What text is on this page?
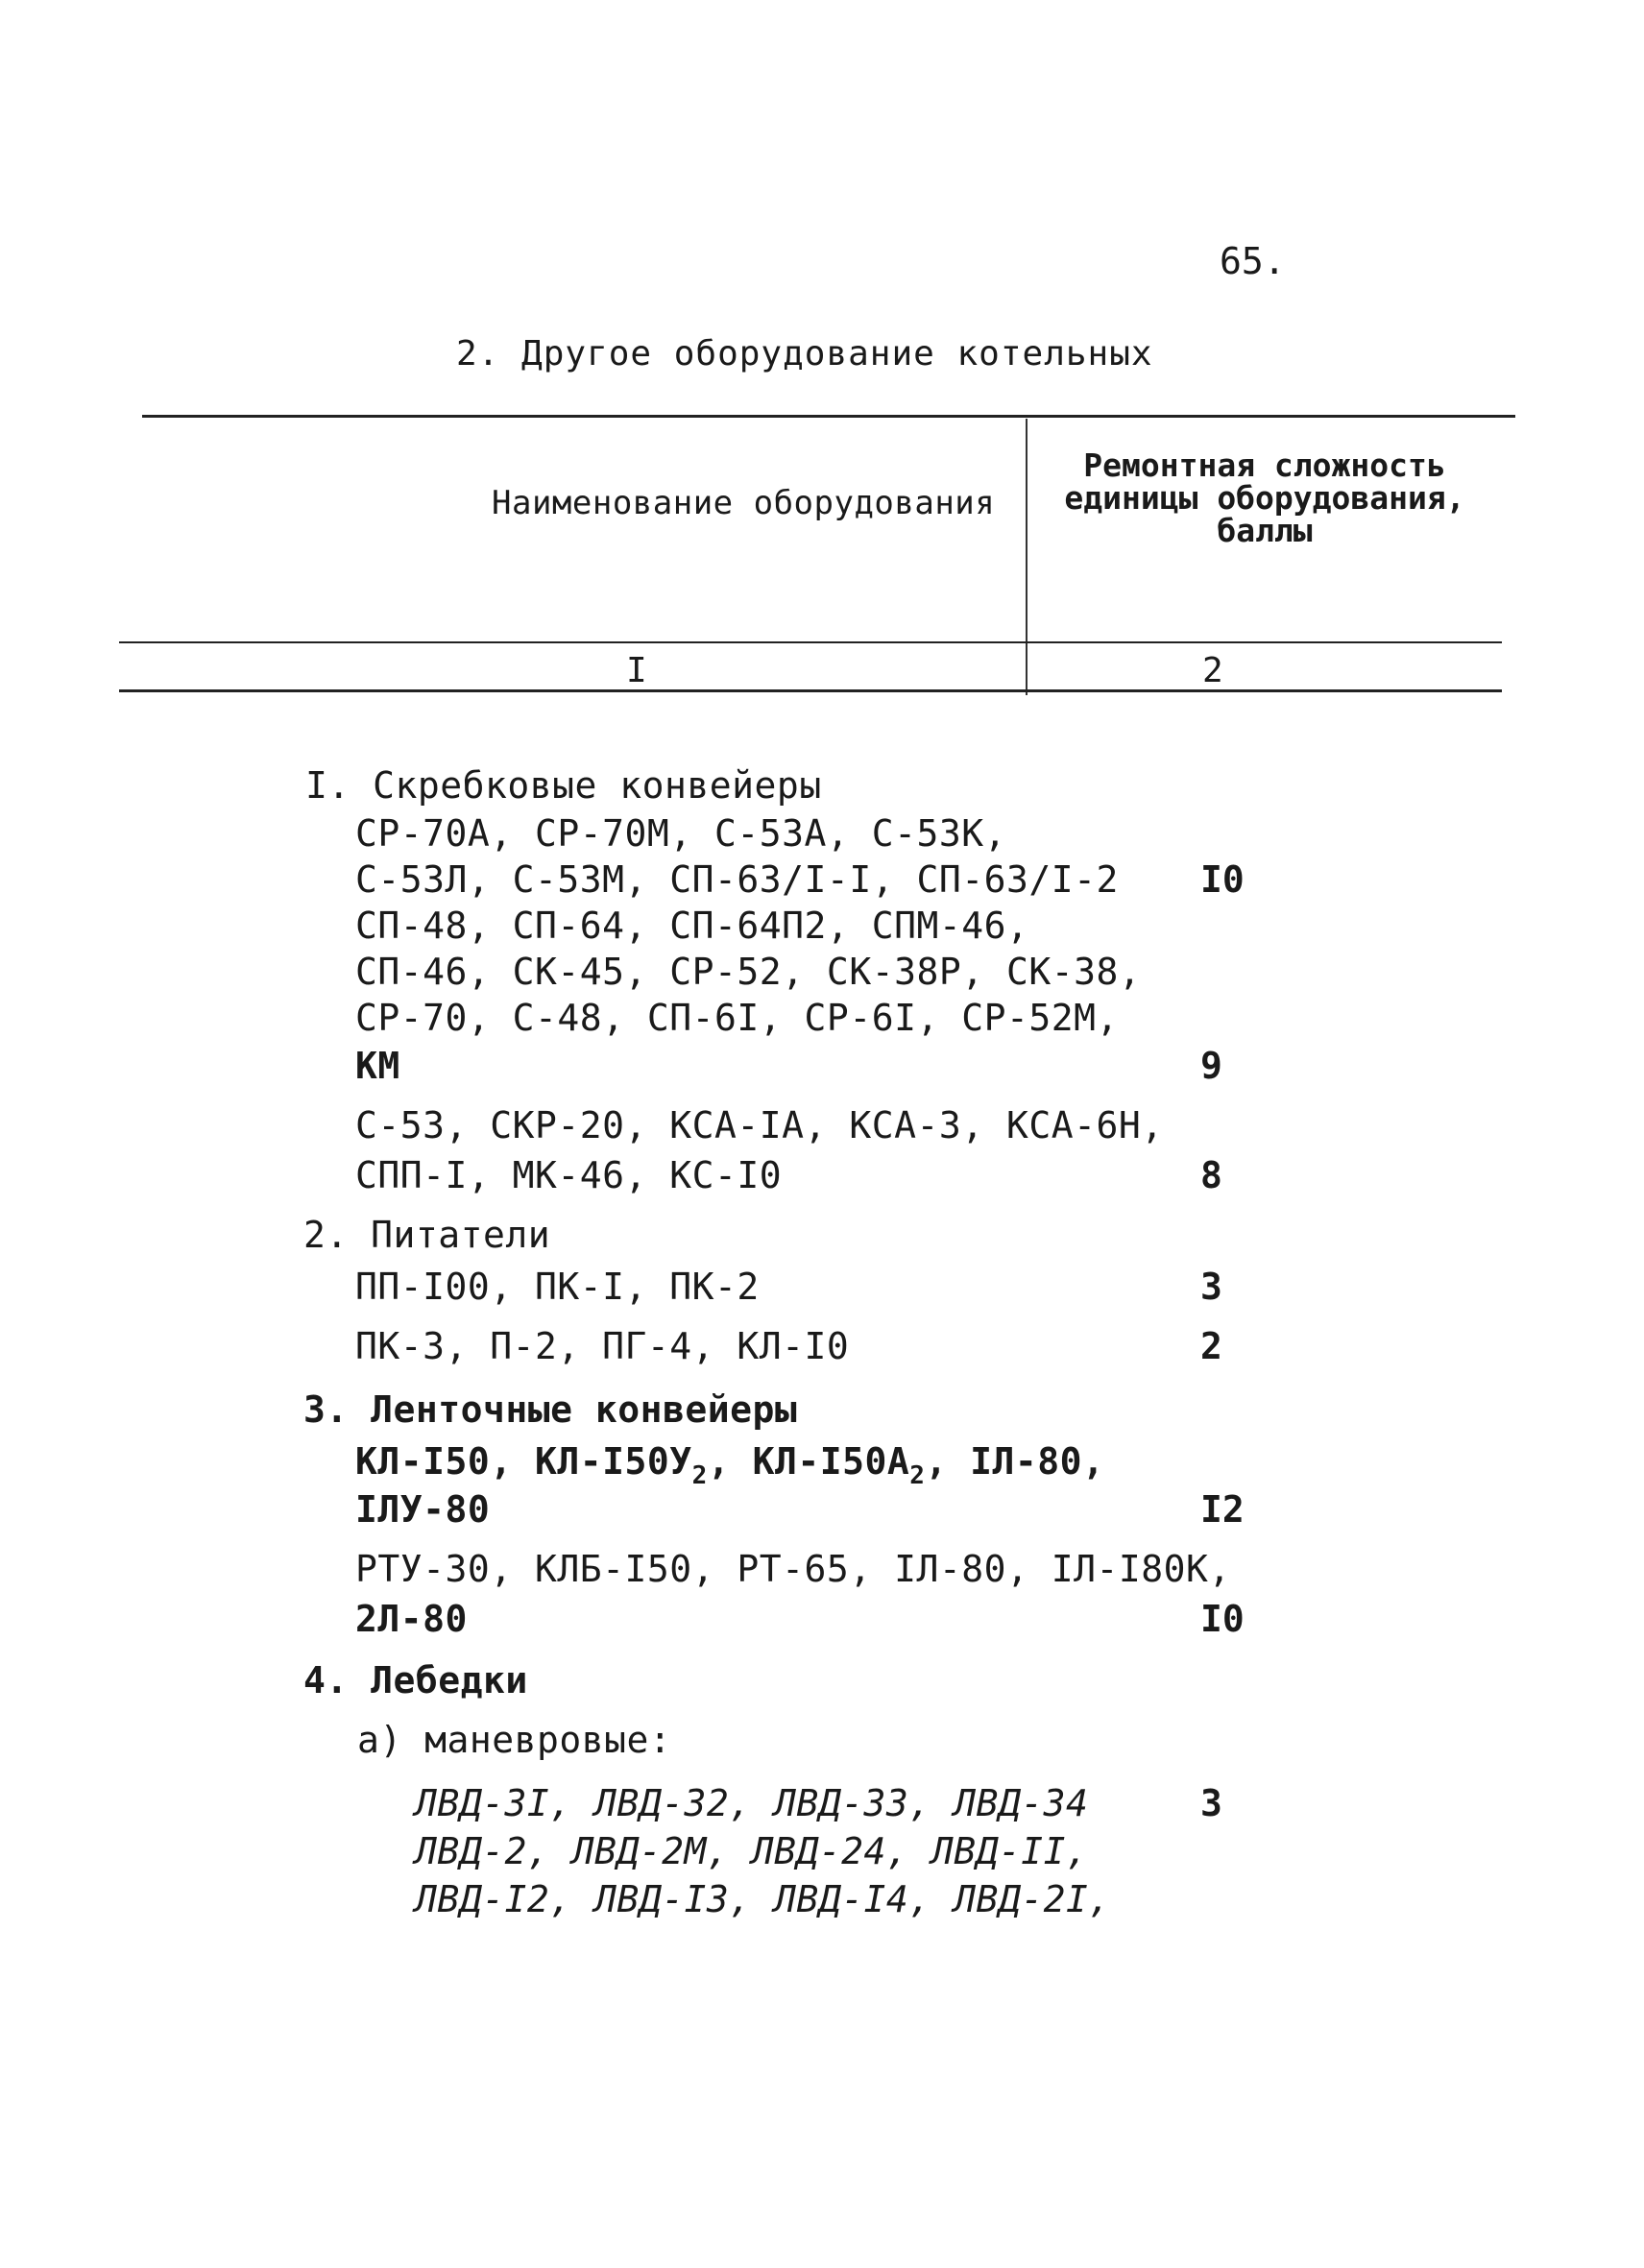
65.
2. Другое оборудование котельных
Наименование оборудования
Ремонтная сложность
единицы оборудования,
баллы
I	2
I. Скребковые конвейеры
СР-70А, СР-70М, С-53А, С-53К,
С-53Л, С-53М, СП-63/I-I, СП-63/I-2 I0
СП-48, СП-64, СП-64П2, СПМ-46,
СП-46, СК-45, СР-52, СК-38Р, СК-38,
СР-70, С-48, СП-6I, СР-6I, СР-52М,
КМ	9
С-53, СКР-20, КСА-IА, КСА-3, КСА-6Н,
СПП-I, МК-46, КС-I0	8
2. Питатели
ПП-I00, ПК-I, ПК-2	3
ПК-3, П-2, ПГ-4, КЛ-I0	2
3. Ленточные конвейеры
КЛ-I50, $КЛ-I50У_2$, $КЛ-I50А_2$, IЛ-80,
IЛУ-80	I2
РТУ-30, КЛБ-I50, РТ-65, IЛ-80, IЛ-I80К,
2Л-80	I0
4. Лебедки
а) маневровые:
ЛВД-3I, ЛВД-32, ЛВД-33, ЛВД-34	3
ЛВД-2, ЛВД-2М, ЛВД-24, ЛВД-II,
ЛВД-I2, ЛВД-I3, ЛВД-I4, ЛВД-2I,
